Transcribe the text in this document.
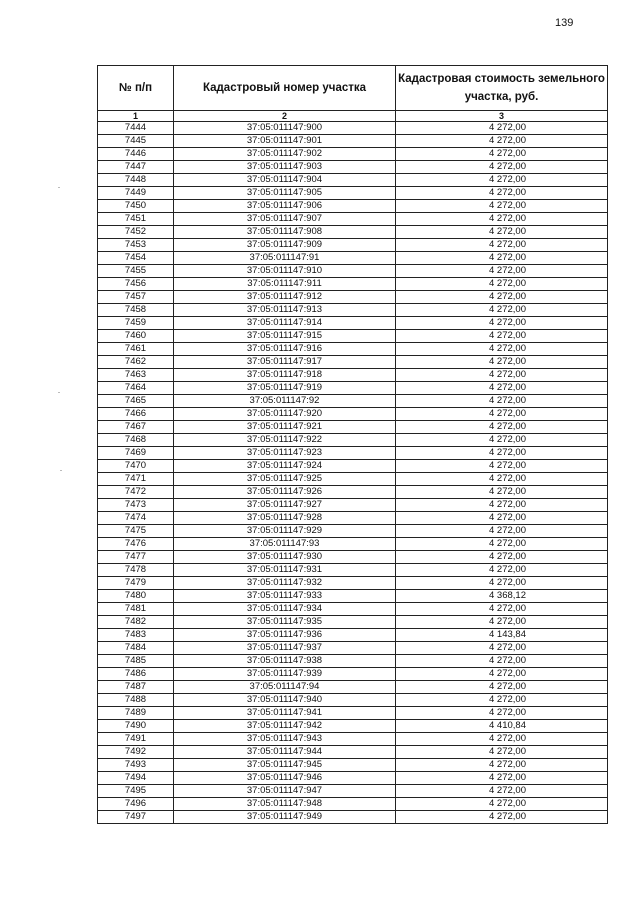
139
№ п/п	Кадастровый номер участка	Кадастровая стоимость земельного участка, руб.
1	2	3
7444	37:05:011147:900	4 272,00
7445	37:05:011147:901	4 272,00
7446	37:05:011147:902	4 272,00
7447	37:05:011147:903	4 272,00
7448	37:05:011147:904	4 272,00
7449	37:05:011147:905	4 272,00
7450	37:05:011147:906	4 272,00
7451	37:05:011147:907	4 272,00
7452	37:05:011147:908	4 272,00
7453	37:05:011147:909	4 272,00
7454	37:05:011147:91	4 272,00
7455	37:05:011147:910	4 272,00
7456	37:05:011147:911	4 272,00
7457	37:05:011147:912	4 272,00
7458	37:05:011147:913	4 272,00
7459	37:05:011147:914	4 272,00
7460	37:05:011147:915	4 272,00
7461	37:05:011147:916	4 272,00
7462	37:05:011147:917	4 272,00
7463	37:05:011147:918	4 272,00
7464	37:05:011147:919	4 272,00
7465	37:05:011147:92	4 272,00
7466	37:05:011147:920	4 272,00
7467	37:05:011147:921	4 272,00
7468	37:05:011147:922	4 272,00
7469	37:05:011147:923	4 272,00
7470	37:05:011147:924	4 272,00
7471	37:05:011147:925	4 272,00
7472	37:05:011147:926	4 272,00
7473	37:05:011147:927	4 272,00
7474	37:05:011147:928	4 272,00
7475	37:05:011147:929	4 272,00
7476	37:05:011147:93	4 272,00
7477	37:05:011147:930	4 272,00
7478	37:05:011147:931	4 272,00
7479	37:05:011147:932	4 272,00
7480	37:05:011147:933	4 368,12
7481	37:05:011147:934	4 272,00
7482	37:05:011147:935	4 272,00
7483	37:05:011147:936	4 143,84
7484	37:05:011147:937	4 272,00
7485	37:05:011147:938	4 272,00
7486	37:05:011147:939	4 272,00
7487	37:05:011147:94	4 272,00
7488	37:05:011147:940	4 272,00
7489	37:05:011147:941	4 272,00
7490	37:05:011147:942	4 410,84
7491	37:05:011147:943	4 272,00
7492	37:05:011147:944	4 272,00
7493	37:05:011147:945	4 272,00
7494	37:05:011147:946	4 272,00
7495	37:05:011147:947	4 272,00
7496	37:05:011147:948	4 272,00
7497	37:05:011147:949	4 272,00
